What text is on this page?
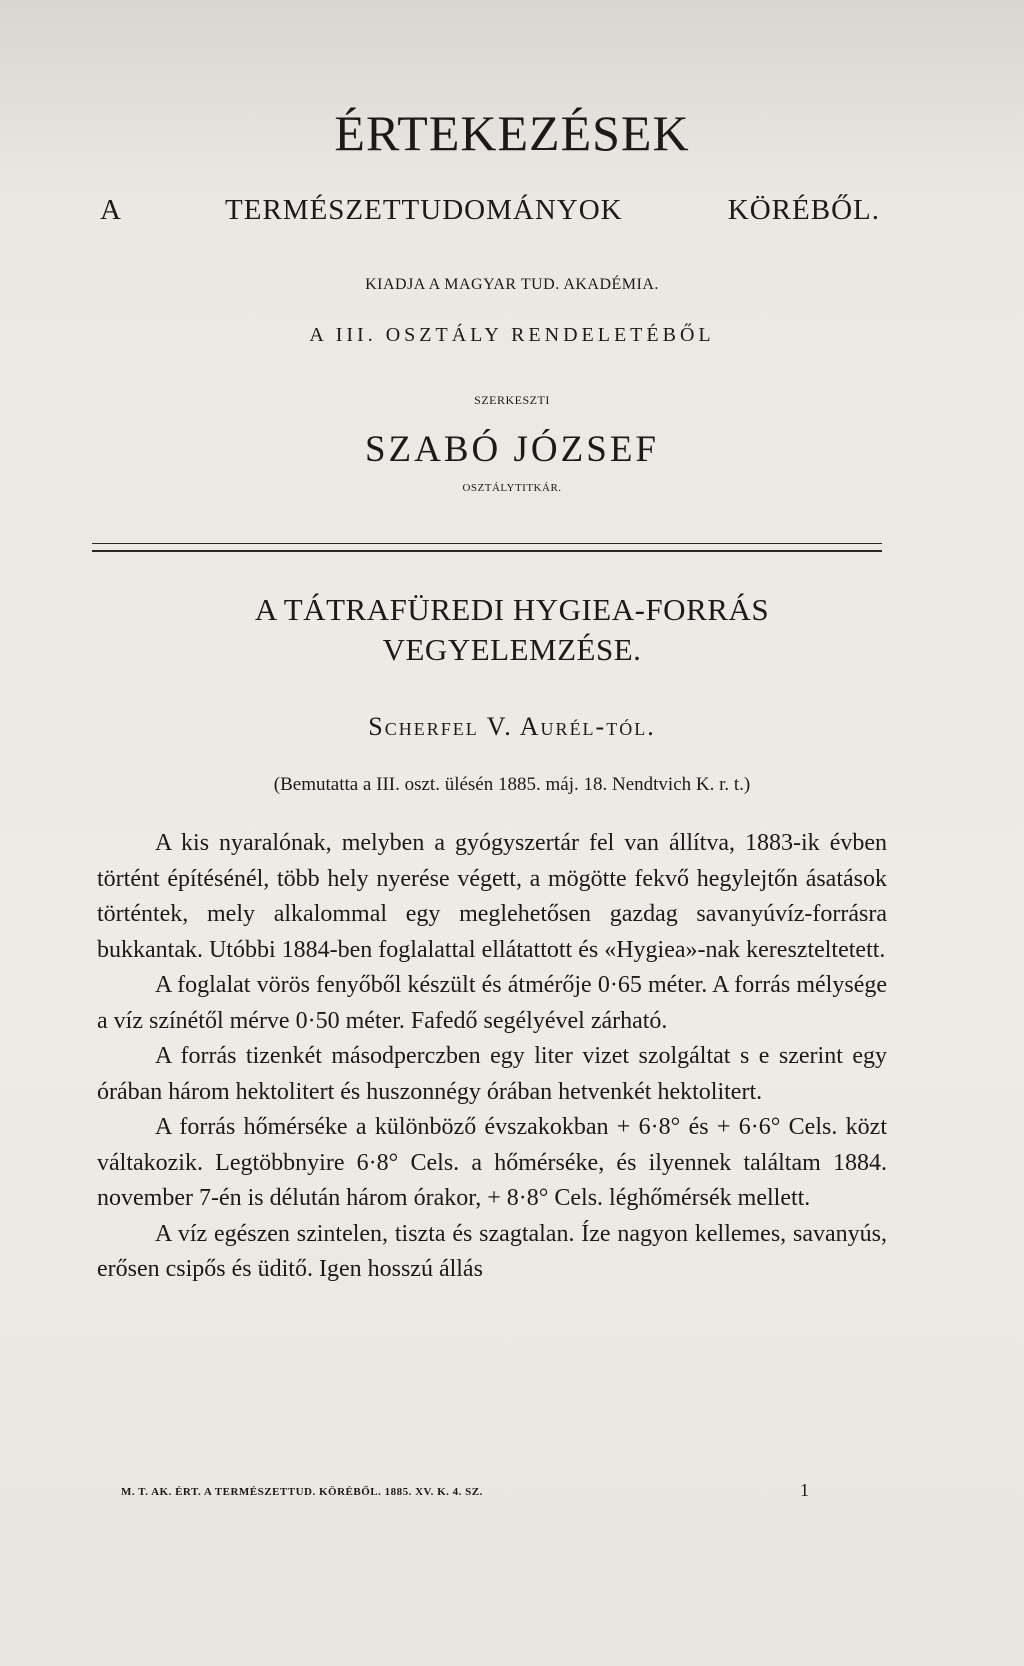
ÉRTEKEZÉSEK
A TERMÉSZETTUDOMÁNYOK KÖRÉBŐL.
KIADJA A MAGYAR TUD. AKADÉMIA.
A III. OSZTÁLY RENDELETÉBŐL
SZERKESZTI
SZABÓ JÓZSEF
OSZTÁLYTITKÁR.
A TÁTRAFÜREDI HYGIEA-FORRÁS
VEGYELEMZÉSE.
Scherfel V. Aurél-tól.
(Bemutatta a III. oszt. ülésén 1885. máj. 18. Nendtvich K. r. t.)

A kis nyaralónak, melyben a gyógyszertár fel van állítva, 1883-ik évben történt építésénél, több hely nyerése végett, a mögötte fekvő hegylejtőn ásatások történtek, mely alkalommal egy meglehetősen gazdag savanyúvíz-forrásra bukkantak. Utóbbi 1884-ben foglalattal ellátattott és «Hygiea»-nak kereszteltetett.

A foglalat vörös fenyőből készült és átmérője 0·65 méter. A forrás mélysége a víz színétől mérve 0·50 méter. Fafedő segélyével zárható.

A forrás tizenkét másodperczben egy liter vizet szolgáltat s e szerint egy órában három hektolitert és huszonnégy órában hetvenkét hektolitert.

A forrás hőmérséke a különböző évszakokban + 6·8° és + 6·6° Cels. közt váltakozik. Legtöbbnyire 6·8° Cels. a hőmérséke, és ilyennek találtam 1884. november 7-én is délután három órakor, + 8·8° Cels. léghőmérsék mellett.

A víz egészen szintelen, tiszta és szagtalan. Íze nagyon kellemes, savanyús, erősen csipős és üditő. Igen hosszú állás

M. T. AK. ÉRT. A TERMÉSZETTUD. KÖRÉBŐL. 1885. XV. K. 4. SZ.	1
